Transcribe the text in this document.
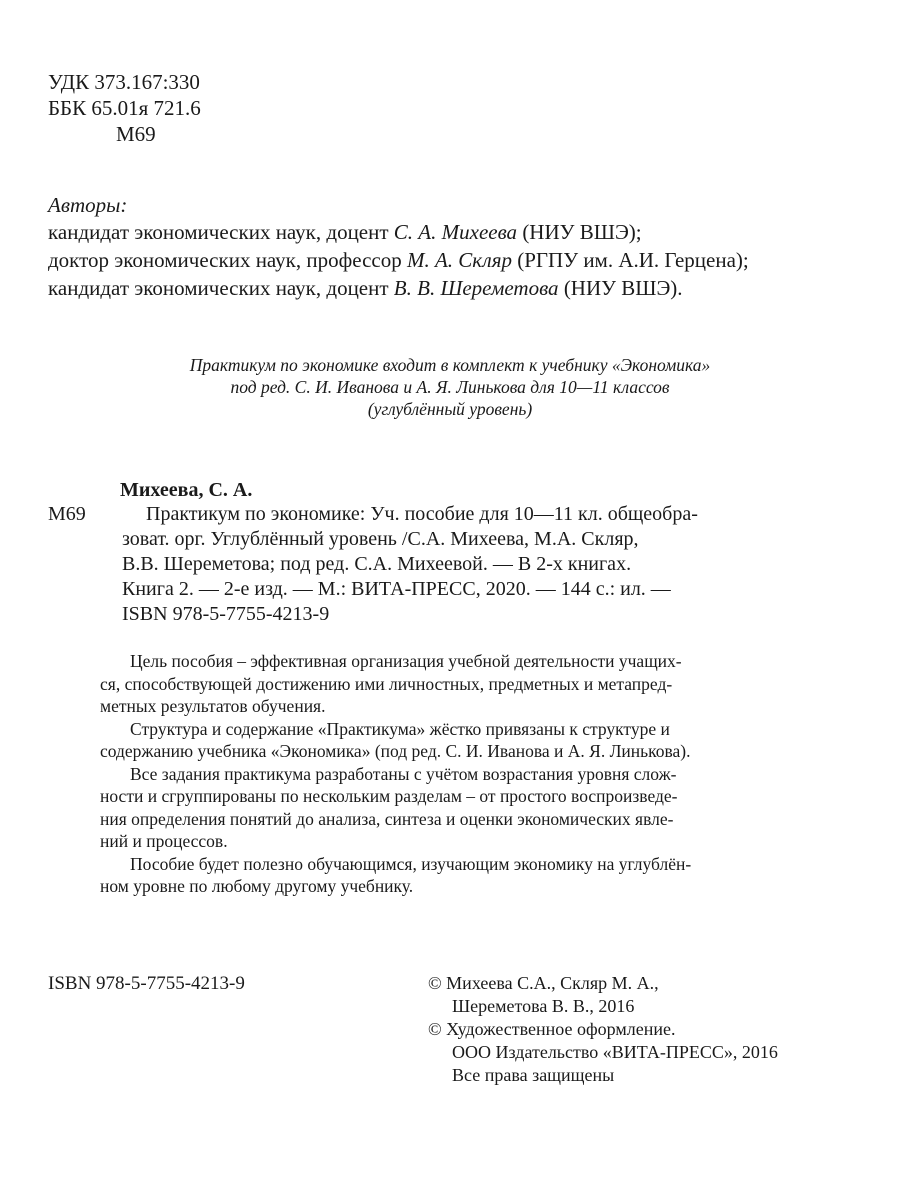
УДК 373.167:330
ББК 65.01я 721.6
М69
Авторы:
кандидат экономических наук, доцент С. А. Михеева (НИУ ВШЭ);
доктор экономических наук, профессор М. А. Скляр (РГПУ им. А.И. Герцена);
кандидат экономических наук, доцент В. В. Шереметова (НИУ ВШЭ).
Практикум по экономике входит в комплект к учебнику «Экономика»
под ред. С. И. Иванова и А. Я. Линькова для 10—11 классов
(углублённый уровень)
Михеева, С. А.
М69	Практикум по экономике: Уч. пособие для 10—11 кл. общеобра-
зоват. орг. Углублённый уровень /С.А. Михеева, М.А. Скляр,
В.В. Шереметова; под ред. С.А. Михеевой. — В 2-х книгах.
Книга 2. — 2-е изд. — М.: ВИТА-ПРЕСС, 2020. — 144 с.: ил. —
ISBN 978-5-7755-4213-9

Цель пособия – эффективная организация учебной деятельности учащих-

ся, способствующей достижению ими личностных, предметных и метапред-

метных результатов обучения.

Структура и содержание «Практикума» жёстко привязаны к структуре и

содержанию учебника «Экономика» (под ред. С. И. Иванова и А. Я. Линькова).

Все задания практикума разработаны с учётом возрастания уровня слож-

ности и сгруппированы по нескольким разделам – от простого воспроизведе-

ния определения понятий до анализа, синтеза и оценки экономических явле-

ний и процессов.

Пособие будет полезно обучающимся, изучающим экономику на углублён-

ном уровне по любому другому учебнику.

ISBN 978-5-7755-4213-9	© Михеева С.А., Скляр М. А.,
Шереметова В. В., 2016
© Художественное оформление.
ООО Издательство «ВИТА-ПРЕСС», 2016
Все права защищены
